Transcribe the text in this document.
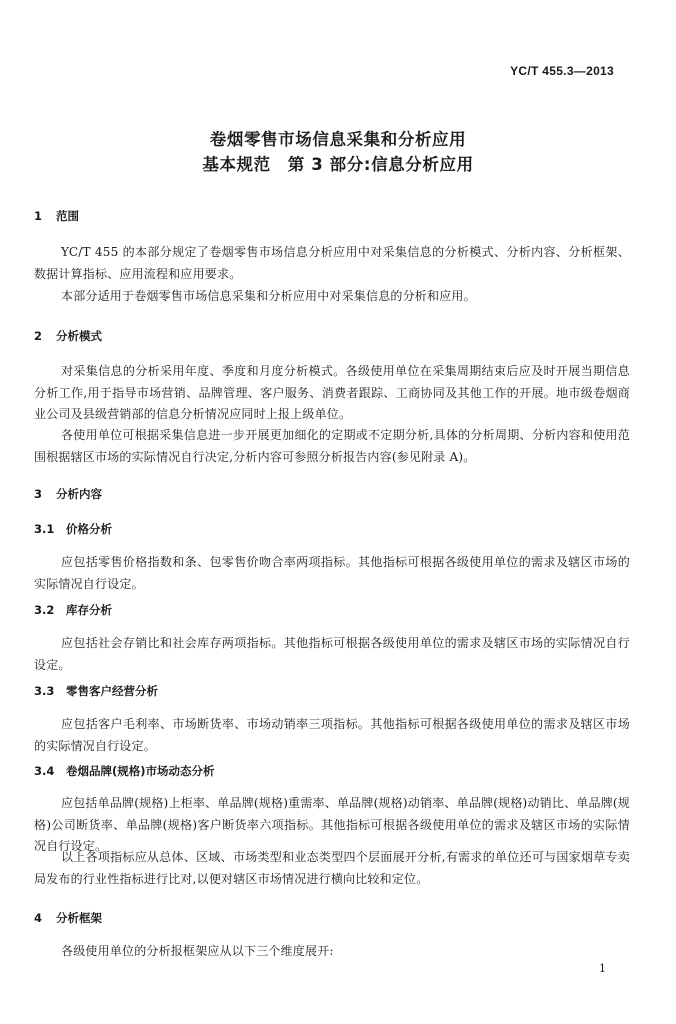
YC/T 455.3—2013
卷烟零售市场信息采集和分析应用
基本规范　第 3 部分:信息分析应用
1 范围
YC/T 455 的本部分规定了卷烟零售市场信息分析应用中对采集信息的分析模式、分析内容、分析框架、数据计算指标、应用流程和应用要求。
本部分适用于卷烟零售市场信息采集和分析应用中对采集信息的分析和应用。
2 分析模式
对采集信息的分析采用年度、季度和月度分析模式。各级使用单位在采集周期结束后应及时开展当期信息分析工作,用于指导市场营销、品牌管理、客户服务、消费者跟踪、工商协同及其他工作的开展。地市级卷烟商业公司及县级营销部的信息分析情况应同时上报上级单位。
各使用单位可根据采集信息进一步开展更加细化的定期或不定期分析,具体的分析周期、分析内容和使用范围根据辖区市场的实际情况自行决定,分析内容可参照分析报告内容(参见附录 A)。
3 分析内容
3.1 价格分析
应包括零售价格指数和条、包零售价吻合率两项指标。其他指标可根据各级使用单位的需求及辖区市场的实际情况自行设定。
3.2 库存分析
应包括社会存销比和社会库存两项指标。其他指标可根据各级使用单位的需求及辖区市场的实际情况自行设定。
3.3 零售客户经营分析
应包括客户毛利率、市场断货率、市场动销率三项指标。其他指标可根据各级使用单位的需求及辖区市场的实际情况自行设定。
3.4 卷烟品牌(规格)市场动态分析
应包括单品牌(规格)上柜率、单品牌(规格)重需率、单品牌(规格)动销率、单品牌(规格)动销比、单品牌(规格)公司断货率、单品牌(规格)客户断货率六项指标。其他指标可根据各级使用单位的需求及辖区市场的实际情况自行设定。
以上各项指标应从总体、区域、市场类型和业态类型四个层面展开分析,有需求的单位还可与国家烟草专卖局发布的行业性指标进行比对,以便对辖区市场情况进行横向比较和定位。
4 分析框架
各级使用单位的分析报框架应从以下三个维度展开:
1
